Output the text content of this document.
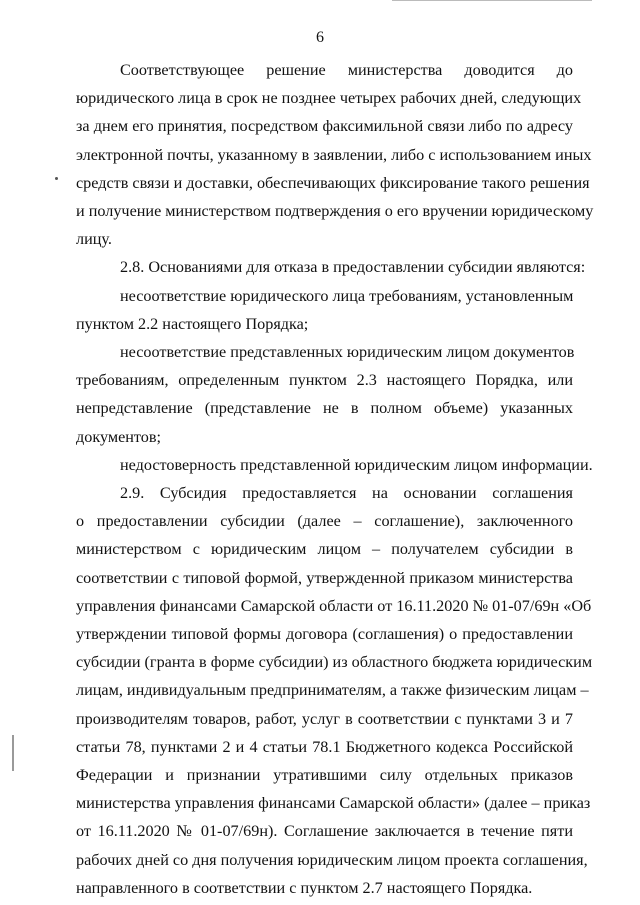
6

Соответствующее решение министерства доводится до
юридического лица в срок не позднее четырех рабочих дней, следующих
за днем его принятия, посредством факсимильной связи либо по адресу
электронной почты, указанному в заявлении, либо с использованием иных
средств связи и доставки, обеспечивающих фиксирование такого решения
и получение министерством подтверждения о его вручении юридическому
лицу.

2.8. Основаниями для отказа в предоставлении субсидии являются:

несоответствие юридического лица требованиям, установленным
пунктом 2.2 настоящего Порядка;

несоответствие представленных юридическим лицом документов
требованиям, определенным пунктом 2.3 настоящего Порядка, или
непредставление (представление не в полном объеме) указанных
документов;

недостоверность представленной юридическим лицом информации.

2.9. Субсидия предоставляется на основании соглашения
о предоставлении субсидии (далее – соглашение), заключенного
министерством с юридическим лицом – получателем субсидии в
соответствии с типовой формой, утвержденной приказом министерства
управления финансами Самарской области от 16.11.2020 № 01-07/69н «Об
утверждении типовой формы договора (соглашения) о предоставлении
субсидии (гранта в форме субсидии) из областного бюджета юридическим
лицам, индивидуальным предпринимателям, а также физическим лицам –
производителям товаров, работ, услуг в соответствии с пунктами 3 и 7
статьи 78, пунктами 2 и 4 статьи 78.1 Бюджетного кодекса Российской
Федерации и признании утратившими силу отдельных приказов
министерства управления финансами Самарской области» (далее – приказ
от 16.11.2020 № 01-07/69н). Соглашение заключается в течение пяти
рабочих дней со дня получения юридическим лицом проекта соглашения,
направленного в соответствии с пунктом 2.7 настоящего Порядка.
